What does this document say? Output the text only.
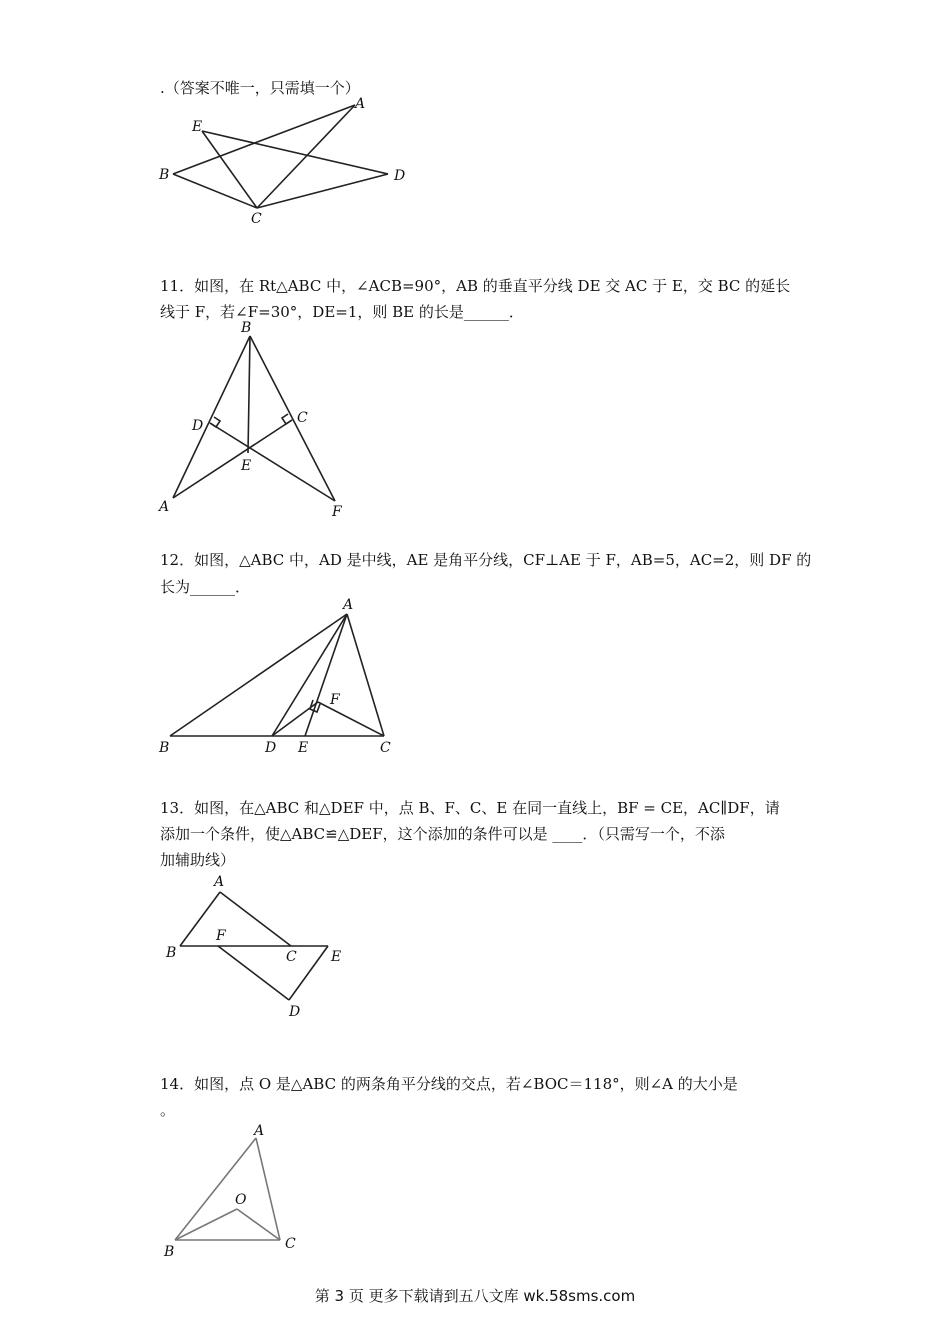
.（答案不唯一，只需填一个）
A
E
B	D
C
11．如图，在 Rt△ABC 中，∠ACB=90°，AB 的垂直平分线 DE 交 AC 于 E，交 BC 的延长
线于 F，若∠F=30°，DE=1，则 BE 的长是______．
B
D	C
E
A	F
12．如图，△ABC 中，AD 是中线，AE 是角平分线，CF⊥AE 于 F，AB=5，AC=2，则 DF 的
长为______．
A
F
B	D E	C
13．如图，在△ABC 和△DEF 中，点 B、F、C、E 在同一直线上，BF = CE，AC∥DF，请
添加一个条件，使△ABC≌△DEF，这个添加的条件可以是 ____．（只需写一个，不添
加辅助线）
A
B
F
C E
D
14．如图，点 O 是△ABC 的两条角平分线的交点，若∠BOC＝118°，则∠A 的大小是
。
A
O
B	C
第 3 页 更多下载请到五八文库 wk.58sms.com
